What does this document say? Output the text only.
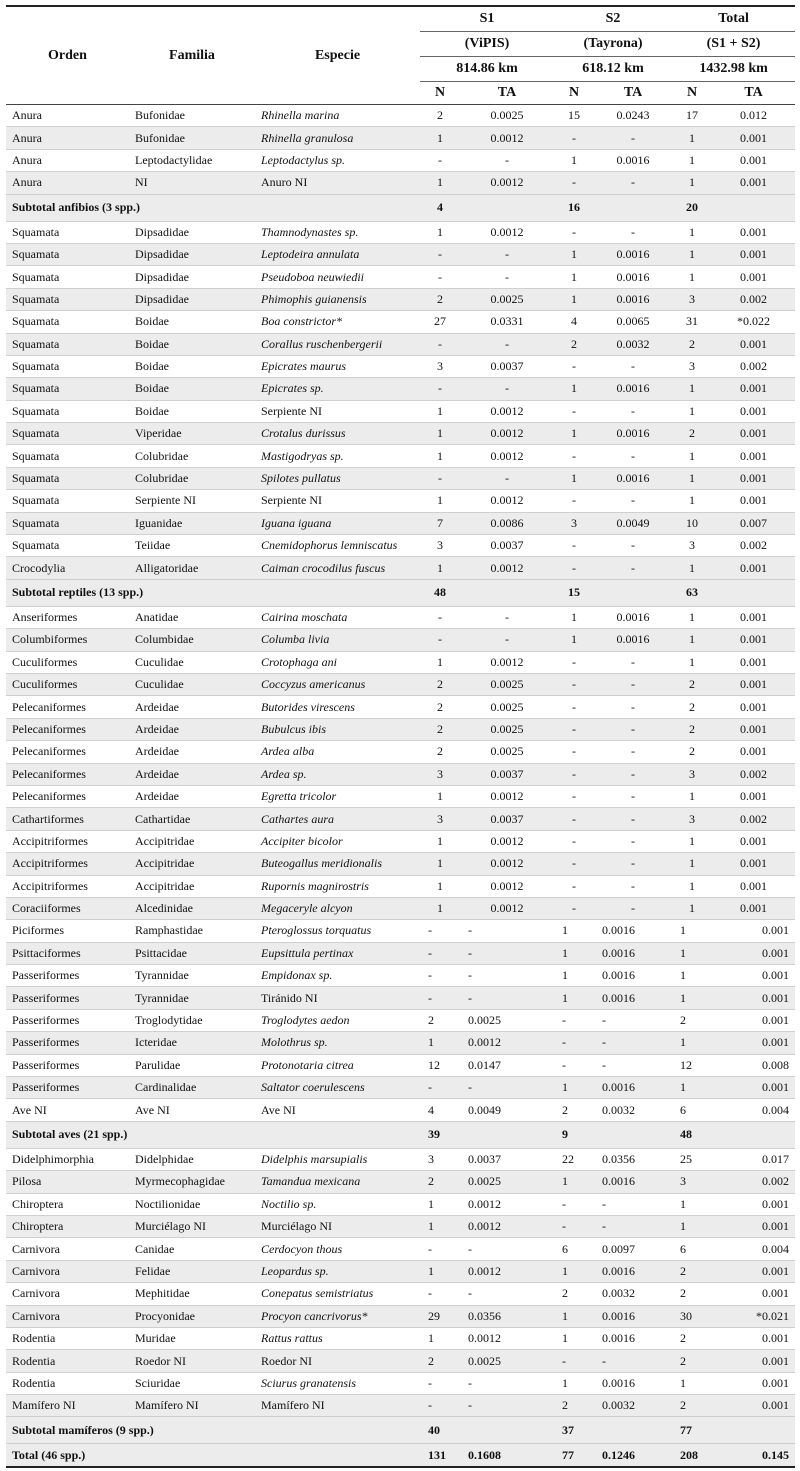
Orden	Familia	Especie	S1		S2		Total	
			(ViPIS)		(Tayrona)		(S1 + S2)	
			814.86 km		618.12 km		1432.98 km	
			N	TA	N	TA	N	TA
Anura	Bufonidae	Rhinella marina	2	0.0025	15	0.0243	17	0.012
Anura	Bufonidae	Rhinella granulosa	1	0.0012	-	-	1	0.001
Anura	Leptodactylidae	Leptodactylus sp.	-	-	1	0.0016	1	0.001
Anura	NI	Anuro NI	1	0.0012	-	-	1	0.001
Subtotal anfibios (3 spp.)			4		16		20	
Squamata	Dipsadidae	Thamnodynastes sp.	1	0.0012	-	-	1	0.001
Squamata	Dipsadidae	Leptodeira annulata	-	-	1	0.0016	1	0.001
Squamata	Dipsadidae	Pseudoboa neuwiedii	-	-	1	0.0016	1	0.001
Squamata	Dipsadidae	Phimophis guianensis	2	0.0025	1	0.0016	3	0.002
Squamata	Boidae	Boa constrictor*	27	0.0331	4	0.0065	31	*0.022
Squamata	Boidae	Corallus ruschenbergerii	-	-	2	0.0032	2	0.001
Squamata	Boidae	Epicrates maurus	3	0.0037	-	-	3	0.002
Squamata	Boidae	Epicrates sp.	-	-	1	0.0016	1	0.001
Squamata	Boidae	Serpiente NI	1	0.0012	-	-	1	0.001
Squamata	Viperidae	Crotalus durissus	1	0.0012	1	0.0016	2	0.001
Squamata	Colubridae	Mastigodryas sp.	1	0.0012	-	-	1	0.001
Squamata	Colubridae	Spilotes pullatus	-	-	1	0.0016	1	0.001
Squamata	Serpiente NI	Serpiente NI	1	0.0012	-	-	1	0.001
Squamata	Iguanidae	Iguana iguana	7	0.0086	3	0.0049	10	0.007
Squamata	Teiidae	Cnemidophorus lemniscatus	3	0.0037	-	-	3	0.002
Crocodylia	Alligatoridae	Caiman crocodilus fuscus	1	0.0012	-	-	1	0.001
Subtotal reptiles (13 spp.)			48		15		63	
Anseriformes	Anatidae	Cairina moschata	-	-	1	0.0016	1	0.001
Columbiformes	Columbidae	Columba livia	-	-	1	0.0016	1	0.001
Cuculiformes	Cuculidae	Crotophaga ani	1	0.0012	-	-	1	0.001
Cuculiformes	Cuculidae	Coccyzus americanus	2	0.0025	-	-	2	0.001
Pelecaniformes	Ardeidae	Butorides virescens	2	0.0025	-	-	2	0.001
Pelecaniformes	Ardeidae	Bubulcus ibis	2	0.0025	-	-	2	0.001
Pelecaniformes	Ardeidae	Ardea alba	2	0.0025	-	-	2	0.001
Pelecaniformes	Ardeidae	Ardea sp.	3	0.0037	-	-	3	0.002
Pelecaniformes	Ardeidae	Egretta tricolor	1	0.0012	-	-	1	0.001
Cathartiformes	Cathartidae	Cathartes aura	3	0.0037	-	-	3	0.002
Accipitriformes	Accipitridae	Accipiter bicolor	1	0.0012	-	-	1	0.001
Accipitriformes	Accipitridae	Buteogallus meridionalis	1	0.0012	-	-	1	0.001
Accipitriformes	Accipitridae	Rupornis magnirostris	1	0.0012	-	-	1	0.001
Coraciiformes	Alcedinidae	Megaceryle alcyon	1	0.0012	-	-	1	0.001
Piciformes	Ramphastidae	Pteroglossus torquatus	-	-	1	0.0016	1	0.001
Psittaciformes	Psittacidae	Eupsittula pertinax	-	-	1	0.0016	1	0.001
Passeriformes	Tyrannidae	Empidonax sp.	-	-	1	0.0016	1	0.001
Passeriformes	Tyrannidae	Tiránido NI	-	-	1	0.0016	1	0.001
Passeriformes	Troglodytidae	Troglodytes aedon	2	0.0025	-	-	2	0.001
Passeriformes	Icteridae	Molothrus sp.	1	0.0012	-	-	1	0.001
Passeriformes	Parulidae	Protonotaria citrea	12	0.0147	-	-	12	0.008
Passeriformes	Cardinalidae	Saltator coerulescens	-	-	1	0.0016	1	0.001
Ave NI	Ave NI	Ave NI	4	0.0049	2	0.0032	6	0.004
Subtotal aves (21 spp.)			39		9		48	
Didelphimorphia	Didelphidae	Didelphis marsupialis	3	0.0037	22	0.0356	25	0.017
Pilosa	Myrmecophagidae	Tamandua mexicana	2	0.0025	1	0.0016	3	0.002
Chiroptera	Noctilionidae	Noctilio sp.	1	0.0012	-	-	1	0.001
Chiroptera	Murciélago NI	Murciélago NI	1	0.0012	-	-	1	0.001
Carnivora	Canidae	Cerdocyon thous	-	-	6	0.0097	6	0.004
Carnivora	Felidae	Leopardus sp.	1	0.0012	1	0.0016	2	0.001
Carnivora	Mephitidae	Conepatus semistriatus	-	-	2	0.0032	2	0.001
Carnivora	Procyonidae	Procyon cancrivorus*	29	0.0356	1	0.0016	30	*0.021
Rodentia	Muridae	Rattus rattus	1	0.0012	1	0.0016	2	0.001
Rodentia	Roedor NI	Roedor NI	2	0.0025	-	-	2	0.001
Rodentia	Sciuridae	Sciurus granatensis	-	-	1	0.0016	1	0.001
Mamífero NI	Mamífero NI	Mamífero NI	-	-	2	0.0032	2	0.001
Subtotal mamíferos (9 spp.)			40		37		77	
Total (46 spp.)			131	0.1608	77	0.1246	208	0.145
